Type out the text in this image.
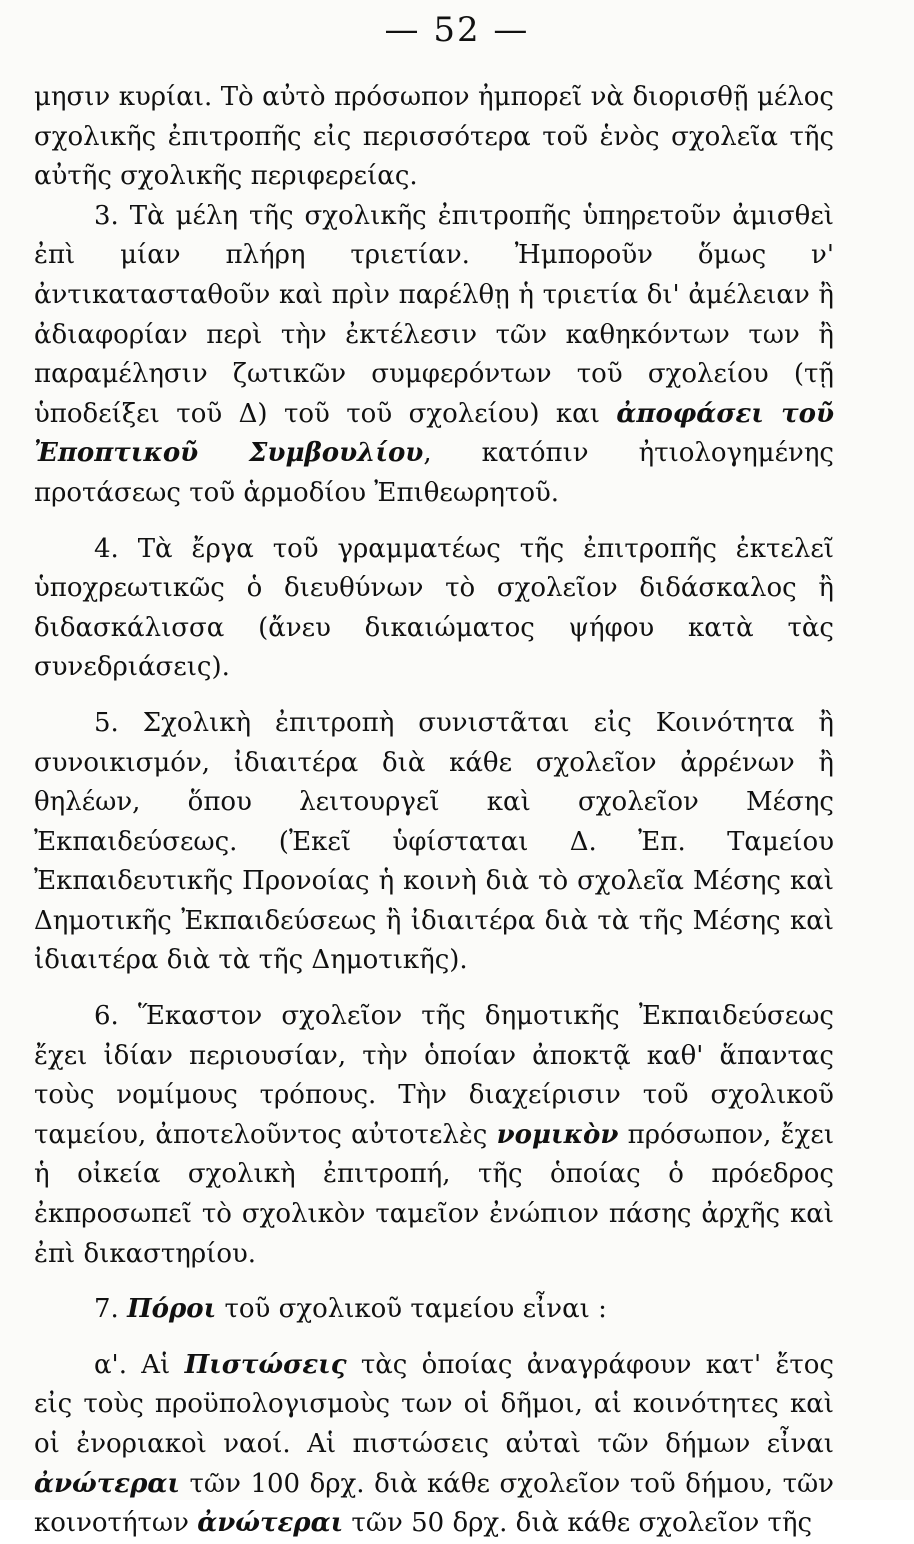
— 52 —

μησιν κυρίαι. Τὸ αὐτὸ πρόσωπον ἠμπορεῖ νὰ διορισθῇ μέλος σχολικῆς ἐπιτροπῆς εἰς περισσότερα τοῦ ἑνὸς σχολεῖα τῆς αὐτῆς σχολικῆς περιφερείας.

3. Τὰ μέλη τῆς σχολικῆς ἐπιτροπῆς ὑπηρετοῦν ἀμισθεὶ ἐπὶ μίαν πλήρη τριετίαν. Ἠμποροῦν ὅμως ν' ἀντικατασταθοῦν καὶ πρὶν παρέλθῃ ἡ τριετία δι' ἀμέλειαν ἢ ἀδιαφορίαν περὶ τὴν ἐκτέλεσιν τῶν καθηκόντων των ἢ παραμέλησιν ζωτικῶν συμφερόντων τοῦ σχολείου (τῇ ὑποδείξει τοῦ Δ) τοῦ τοῦ σχολείου) και ἀποφάσει τοῦ Ἐποπτικοῦ Συμβουλίου, κατόπιν ἠτιολογημένης προτάσεως τοῦ ἁρμοδίου Ἐπιθεωρητοῦ.

4. Τὰ ἔργα τοῦ γραμματέως τῆς ἐπιτροπῆς ἐκτελεῖ ὑποχρεωτικῶς ὁ διευθύνων τὸ σχολεῖον διδάσκαλος ἢ διδασκάλισσα (ἄνευ δικαιώματος ψήφου κατὰ τὰς συνεδριάσεις).

5. Σχολικὴ ἐπιτροπὴ συνιστᾶται εἰς Κοινότητα ἢ συνοικισμόν, ἰδιαιτέρα διὰ κάθε σχολεῖον ἀρρένων ἢ θηλέων, ὅπου λειτουργεῖ καὶ σχολεῖον Μέσης Ἐκπαιδεύσεως. (Ἐκεῖ ὑφίσταται Δ. Ἐπ. Ταμείου Ἐκπαιδευτικῆς Προνοίας ἡ κοινὴ διὰ τὸ σχολεῖα Μέσης καὶ Δημοτικῆς Ἐκπαιδεύσεως ἢ ἰδιαιτέρα διὰ τὰ τῆς Μέσης καὶ ἰδιαιτέρα διὰ τὰ τῆς Δημοτικῆς).

6. Ἕκαστον σχολεῖον τῆς δημοτικῆς Ἐκπαιδεύσεως ἔχει ἰδίαν περιουσίαν, τὴν ὁποίαν ἀποκτᾷ καθ' ἅπαντας τοὺς νομίμους τρόπους. Τὴν διαχείρισιν τοῦ σχολικοῦ ταμείου, ἀποτελοῦντος αὐτοτελὲς νομικὸν πρόσωπον, ἔχει ἡ οἰκεία σχολικὴ ἐπιτροπή, τῆς ὁποίας ὁ πρόεδρος ἐκπροσωπεῖ τὸ σχολικὸν ταμεῖον ἐνώπιον πάσης ἀρχῆς καὶ ἐπὶ δικαστηρίου.

7. Πόροι τοῦ σχολικοῦ ταμείου εἶναι :

α'. Αἱ Πιστώσεις τὰς ὁποίας ἀναγράφουν κατ' ἔτος εἰς τοὺς προϋπολογισμοὺς των οἱ δῆμοι, αἱ κοινότητες καὶ οἱ ἐνοριακοὶ ναοί. Αἱ πιστώσεις αὐταὶ τῶν δήμων εἶναι ἀνώτεραι τῶν 100 δρχ. διὰ κάθε σχολεῖον τοῦ δήμου, τῶν κοινοτήτων ἀνώτεραι τῶν 50 δρχ. διὰ κάθε σχολεῖον τῆς
